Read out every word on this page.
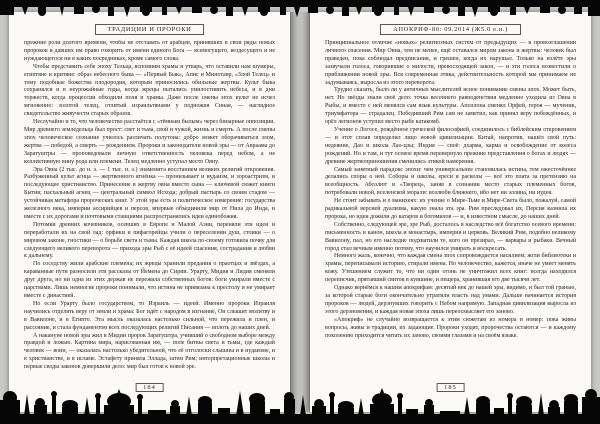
ТРАДИЦИИ И ПРОРОКИ

прежние роли долгого времени, чтобы не отставать от арабцев, принявших в свои ряды новых пророков и давших им право говорить от имени единого Бога — всемогущего, вездесущего и не нуждающегося ни в каких посредниках, кроме самого слова.

Чтобы представить себе эпоху Тельца, вспомним храмы и утварь, что оставили нам шумеры, египтяне и критяне: образ небесного быка — «Первый Бык», Апис и Минотавр, «Злой Телец» и тому подобные божества плодородия, которым приносились обильные жертвы. Культ быка сохранялся и в неурожайные годы, когда жрецы пытались умилостивить небеса, и в дни торжеств, когда процессии обходили поля и храмы. Даже после смены эпох культ не исчез мгновенно: золотой телец, отлитый израильтянами у подножия Синая, — наглядное свидетельство живучести старых образов.

Неслучайно и то, что человечество расстаётся с «тёмным былым» через бинарные оппозиции. Мир древнего земледельца был прост: свет и тьма, свой и чужой, жизнь и смерть. А после смены эпох человеческое сознание училось различать полутона: добро может оборачиваться злом, жертва — победой, а смерть — рождением. Пророки и законодатели новой эры — от Авраама до Заратуштры — проповедовали личную ответственность человека перед небом, а не коллективную вину рода или племени. Телец медленно уступал место Овну.

Эра Овна (2 тыс. до н. э. — 1 тыс. н. э.) знаменита восстанием великих религий откровения. Разбуженный культ агнца — жертвенного ягнёнка — пронизывает и иудаизм, и зороастризм, и последующее христианство. Принесение в жертву овна вместо сына — ключевой сюжет книги Бытия; пасхальный агнец — центральный символ Исхода; добрый пастырь со своим стадом — устойчивая метафора пророческих книг. У этой эры есть и политическое измерение: государства железного века, империи ассирийцев и персов, впервые объединили мир от Нила до Инда, и вместе с их дорогами и почтовыми станциями распространялись идеи единобожия.

Потомки древних кочевников, осевших в Европе и Малой Азии, переняли эти идеи и переработали их на свой лад: орфики и пифагорейцы учили о переселении душ, стоики — о мировом законе, гностики — о борьбе света и тьмы. Каждая школа по-своему готовила почву для следующего великого переворота — прихода эры Рыб с её идеей спасения, сострадания и любви к дальнему.

По соседству жили арабские племена; их жрецы хранили предания о праотцах и звёздах, а караванные пути разносили эти рассказы от Йемена до Сирии. Урарту, Мидия и Лидия сменяли друг друга, но ни одна из этих держав не пережила собственных богов: боги умирали вместе с царствами. Лишь немногие пророки понимали, что истина не привязана к престолу и не умирает вместе с династией.

Но если Урарту было государством, то Израиль — идеей. Именно пророки Израиля научились отделять веру от земли и храма: Бог идёт с народом в изгнание, Он слышит молитву и в Вавилоне, и в Египте. Эта мысль оказалась настолько сильной, что пережила и плен, и рассеяние, и стала фундаментом всех последующих религий Писания — вплоть до наших дней.

А накануне новой эры жил в Мидии пророк Заратуштра, учивший о свободном выборе между правдой и ложью. Картина мира, нарисованная им, — поле битвы света и тьмы, где каждый человек — воин, — оказалась настолько убедительной, что её отголоски слышны и в иудаизме, и в христианстве, и в исламе. Эстафету приняла Эллада, затем Рим; интерпретационные школы и первые своды законов довершили дело: мир был готов к новой эре.

184
АПОКРИФ-80: 09.2014 (Ж5.0 е.н.)

Принципиальное отличие «новых» религиозных систем от предыдущих — в провозглашении личного спасения. Мир Овна, тем не менее, ещё оставался миром закона и жертвы: человек был праведен, пока соблюдал предписания, и грешен, когда их нарушал. Только на излёте эры зазвучали голоса, говорившие о милости, превосходящей закон, — и эти голоса возвестили о приближении новой эры. Вся современная этика, действительность которой мы принимаем не задумываясь, выросла из этого переворота.

Трудно сказать, было ли у античных мыслителей ясное понимание смены эпох. Может быть, нет. Но звёзды знали своё дело: точка весеннего равноденствия медленно уходила из Овна в Рыбы, и вместе с ней менялся сам язык культуры. Аполлона сменял Орфей, героя — мученик, триумфатора — страдалец. Победивший Рим сам не заметил, как принял веру побеждённых, и орёл легионов уступил место рыбе катакомб.

Учение о Логосе, рождённое греческой философией, соединилось с библейским откровением — и этот сплав определил лицо новой цивилизации. Китай, напротив, нашёл свой путь: недеяние, Дао и школа Лао-цзы; Индия — своё: дхарма, карма и освобождение от колеса рождений. Но и там, и тут осевое время перевернуло прежние представления о богах и людях — древние жертвоприношения сменились этикой намерения.

Самый занятный парадокс эпохи: чем универсальнее становилась истина, тем ожесточённее делались споры о ней. Соборы и школы, ереси и расколы — всё это плата за претензию на всеобщность. Абсолют и «Творец», заняв в сознании место старых племенных богов, потребовали новой, вселенской морали: возлюби ближнего, ибо нет ни эллина, ни иудея.

Не стоит забывать и о манихеях: их учение о Мире-Тьме и Мире-Света было, пожалуй, самой радикальной версией дуализма, какую знала эта эра. Рим преследовал их, Персия казнила их пророка, но идеи дожили до катаров и богомилов — и, в известном смысле, до наших дней.

Собственно, следующей эре, эре Рыб, досталось в наследство всё богатство осевого времени: письменность и канон, школа и монастырь, империя и церковь. Великий Рим, подобно великому Вавилону, пал, но его наследие подхватили те, кого он презирал, — варвары и рыбаки. Вечный город стал вечным именно потому, что научился умирать и воскресать.

Немного жаль, конечно, что каждая смена эпох сопровождается насилием: жгли библиотеки и храмы, переписывали историю, стирали имена. Но человечество, кажется, иначе не умеет менять кожу. Утешением служит то, что ни один огонь не уничтожил всех книг: всегда находился переписчик, прятавший свиток в кувшине, и пещера, хранившая его две тысячи лет.

Однако вернёмся к нашим апокрифам: десятый век до нашей эры, видимо, и был той гранью, за которой старые боги окончательно утратили власть над умами. Дальше начинается история пророков — людей, дерзнувших говорить с Небом напрямую. Западная цивилизация выросла из этого дерзновения, и каждая новая эпоха лишь переосмысляет его заново.

«Апокриф» не случайно возвращается к этим сюжетам из номера в номер: пока живы вопросы, живы и традиции, их задающие. Пророки уходят, пророчества остаются — и каждому поколению приходится читать их заново, своими глазами и на своём языке.

185
